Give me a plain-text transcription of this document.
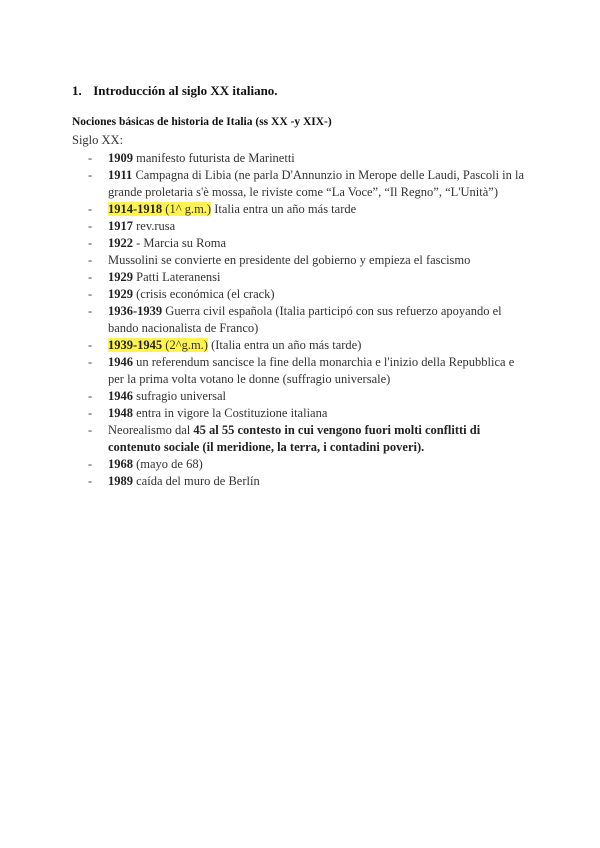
1. Introducción al siglo XX italiano.
Nociones básicas de historia de Italia (ss XX -y XIX-)
Siglo XX:
- 1909 manifesto futurista de Marinetti
- 1911 Campagna di Libia (ne parla D'Annunzio in Merope delle Laudi, Pascoli in la grande proletaria s'è mossa, le riviste come “La Voce”, “Il Regno”, “L'Unità”)
- 1914-1918 (1^ g.m.) Italia entra un año más tarde
- 1917 rev.rusa
- 1922 - Marcia su Roma
- Mussolini se convierte en presidente del gobierno y empieza el fascismo
- 1929 Patti Lateranensi
- 1929 (crisis económica (el crack)
- 1936-1939 Guerra civil española (Italia participó con sus refuerzo apoyando el bando nacionalista de Franco)
- 1939-1945 (2^g.m.) (Italia entra un año más tarde)
- 1946 un referendum sancisce la fine della monarchia e l'inizio della Repubblica e per la prima volta votano le donne (suffragio universale)
- 1946 sufragio universal
- 1948 entra in vigore la Costituzione italiana
- Neorealismo dal 45 al 55 contesto in cui vengono fuori molti conflitti di contenuto sociale (il meridione, la terra, i contadini poveri).
- 1968 (mayo de 68)
- 1989 caída del muro de Berlín
